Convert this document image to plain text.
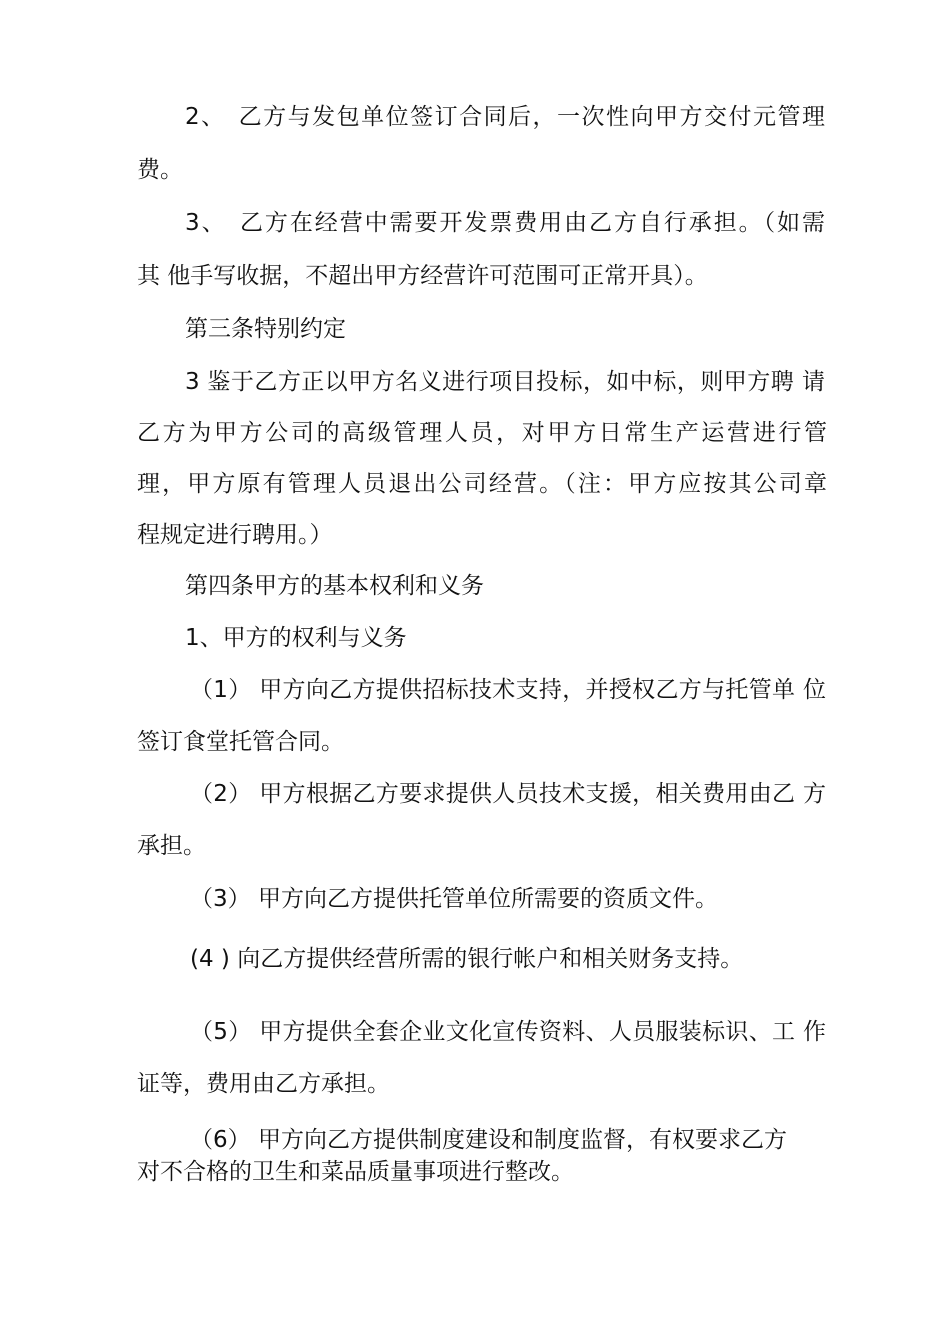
2、　乙方与发包单位签订合同后，一次性向甲方交付元管理
费。
3、　乙方在经营中需要开发票费用由乙方自行承担。（如需
其 他手写收据，不超出甲方经营许可范围可正常开具）。
第三条特别约定
3 鉴于乙方正以甲方名义进行项目投标，如中标，则甲方聘 请
乙方为甲方公司的高级管理人员，对甲方日常生产运营进行管
理，甲方原有管理人员退出公司经营。（注：甲方应按其公司章
程规定进行聘用。）
第四条甲方的基本权利和义务
1、甲方的权利与义务
（1） 甲方向乙方提供招标技术支持，并授权乙方与托管单 位
签订食堂托管合同。
（2） 甲方根据乙方要求提供人员技术支援，相关费用由乙 方
承担。
（3） 甲方向乙方提供托管单位所需要的资质文件。
(4 ) 向乙方提供经营所需的银行帐户和相关财务支持。
（5） 甲方提供全套企业文化宣传资料、人员服装标识、工 作
证等，费用由乙方承担。
（6） 甲方向乙方提供制度建设和制度监督，有权要求乙方
对不合格的卫生和菜品质量事项进行整改。
